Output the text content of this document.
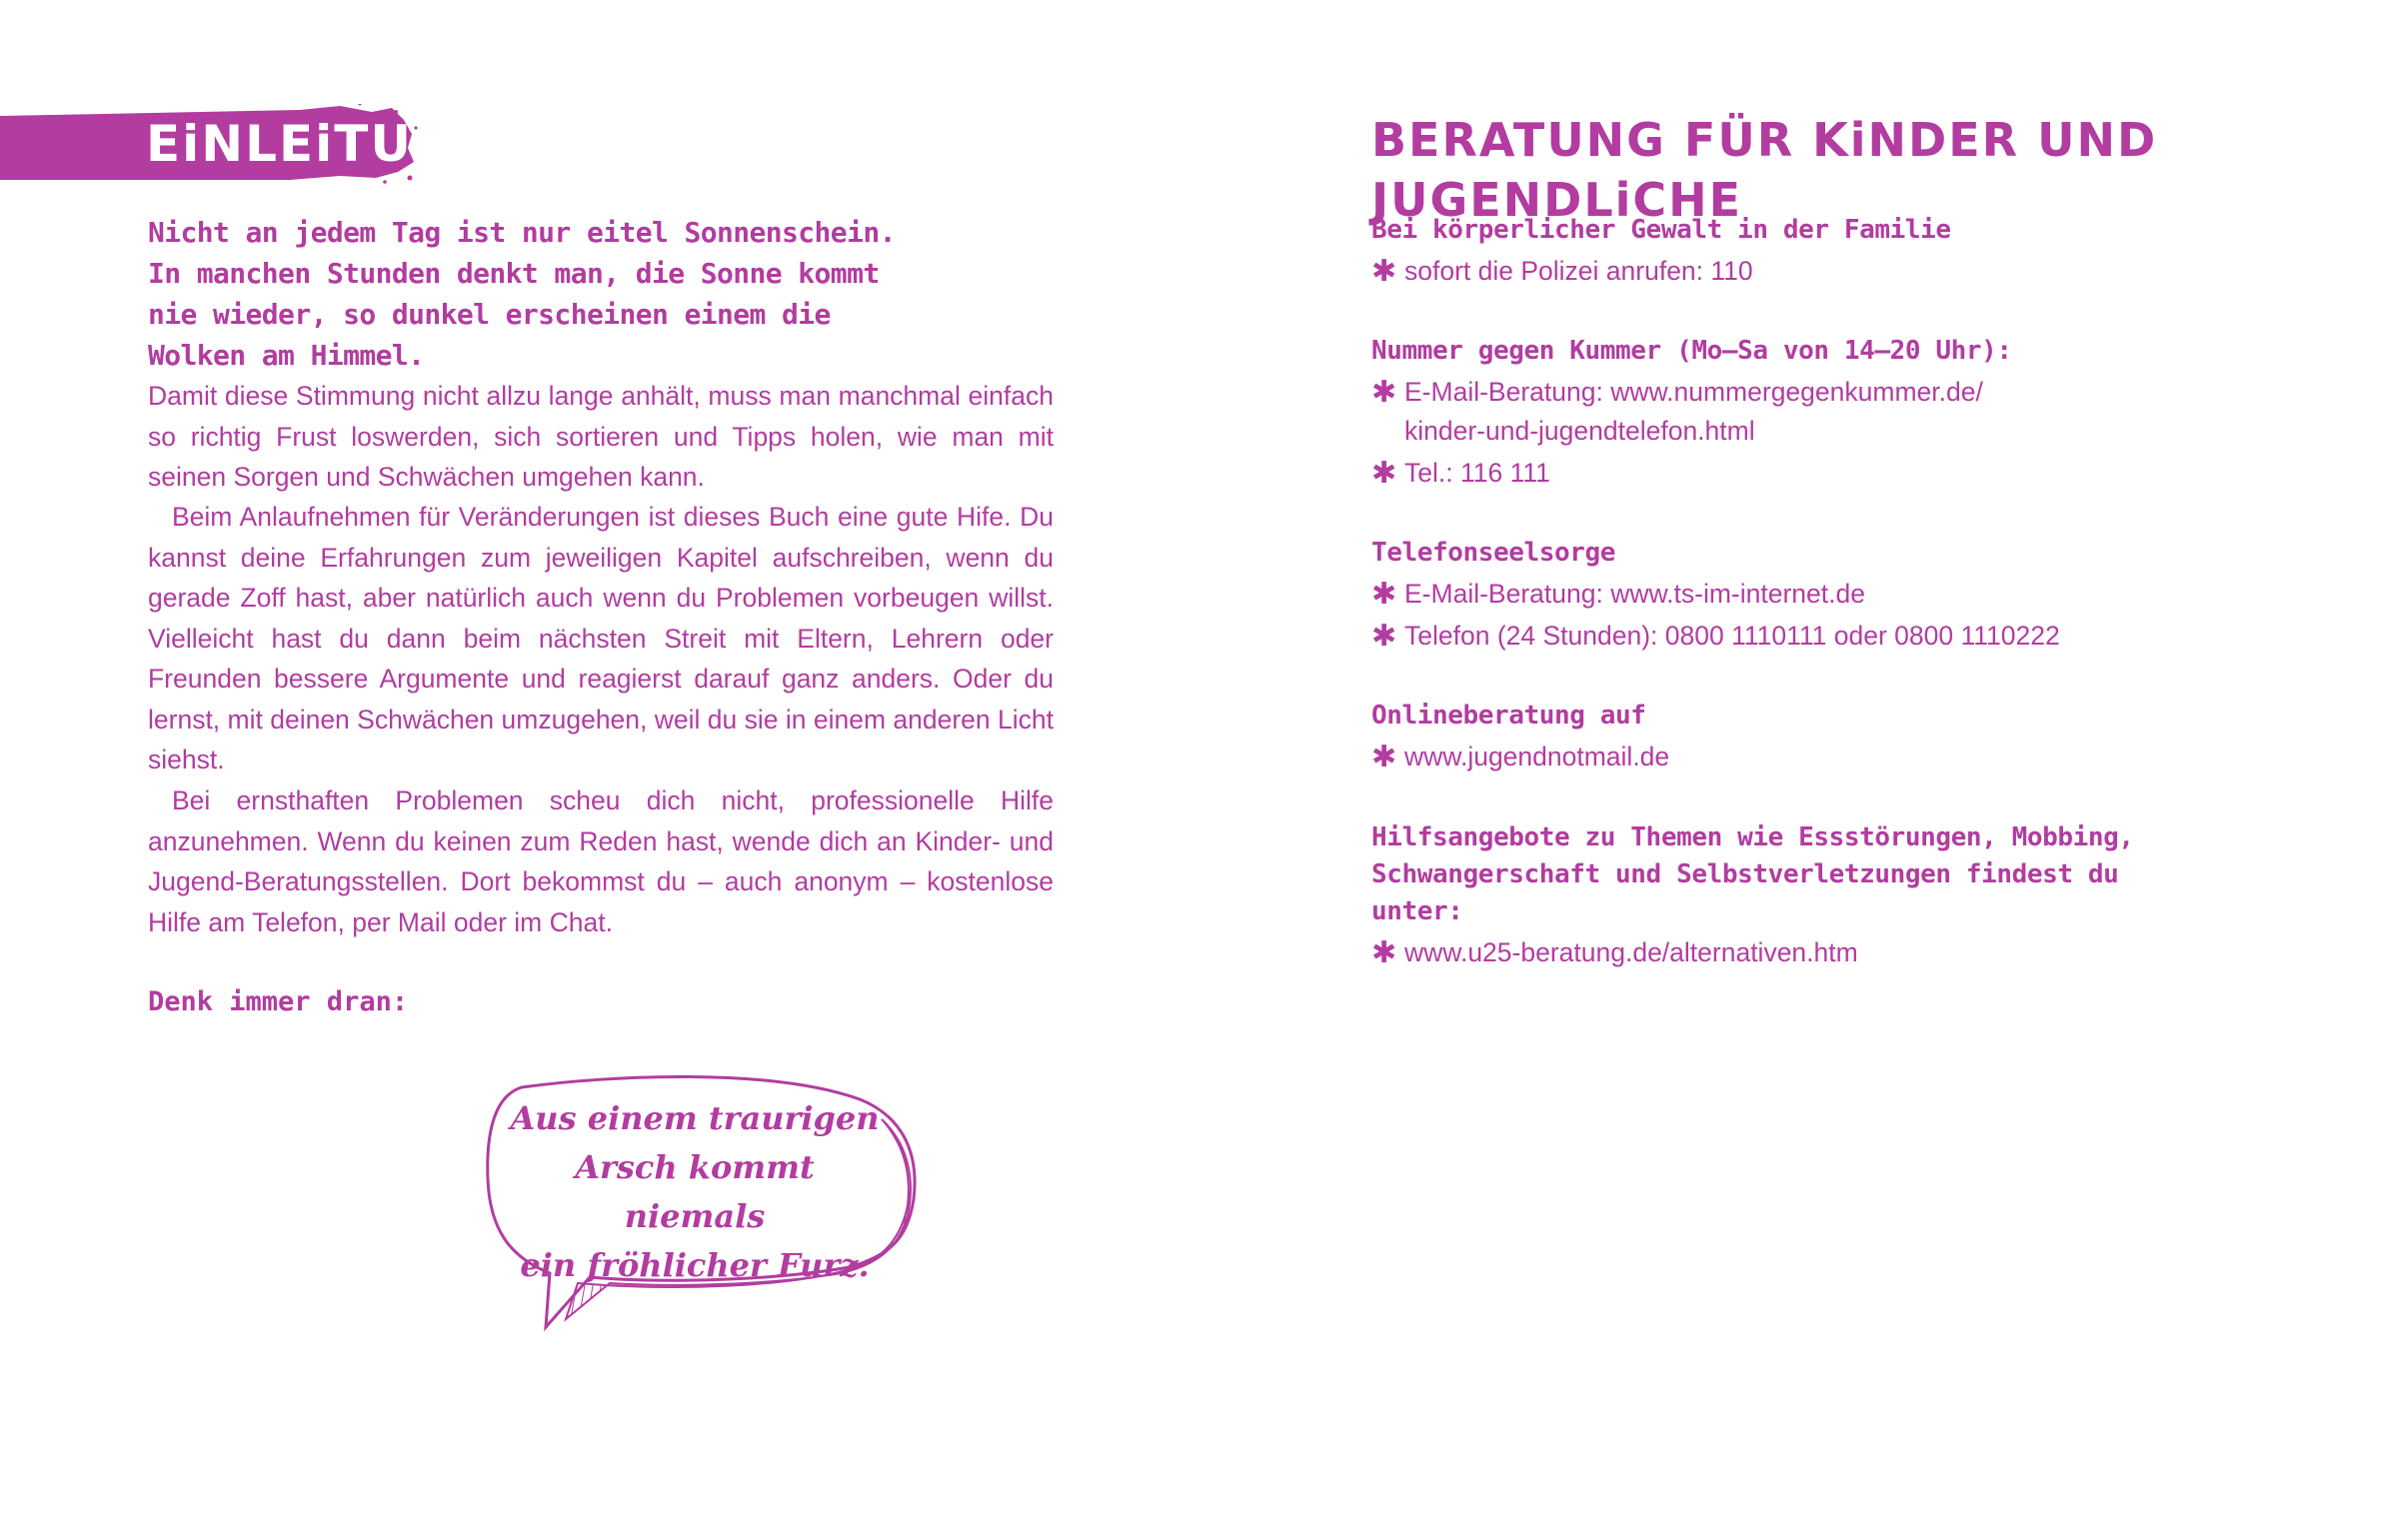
EiNLEiTUNG
Nicht an jedem Tag ist nur eitel Sonnenschein. In manchen Stunden denkt man, die Sonne kommt nie wieder, so dunkel erscheinen einem die Wolken am Himmel.
Damit diese Stimmung nicht allzu lange anhält, muss man manchmal einfach so richtig Frust loswerden, sich sortieren und Tipps holen, wie man mit seinen Sorgen und Schwächen umgehen kann.
Beim Anlaufnehmen für Veränderungen ist dieses Buch eine gute Hife. Du kannst deine Erfahrungen zum jeweiligen Kapitel aufschreiben, wenn du gerade Zoff hast, aber natürlich auch wenn du Problemen vorbeugen willst. Vielleicht hast du dann beim nächsten Streit mit Eltern, Lehrern oder Freunden bessere Argumente und reagierst darauf ganz anders. Oder du lernst, mit deinen Schwächen umzugehen, weil du sie in einem anderen Licht siehst.
Bei ernsthaften Problemen scheu dich nicht, professionelle Hilfe anzunehmen. Wenn du keinen zum Reden hast, wende dich an Kinder- und Jugend-Beratungsstellen. Dort bekommst du – auch anonym – kostenlose Hilfe am Telefon, per Mail oder im Chat.
Denk immer dran:
Aus einem traurigen
Arsch kommt niemals
ein fröhlicher Furz.
BERATUNG FÜR KiNDER UND JUGENDLiCHE
Bei körperlicher Gewalt in der Familie
✱ sofort die Polizei anrufen: 110
Nummer gegen Kummer (Mo–Sa von 14–20 Uhr):
✱ E-Mail-Beratung: www.nummergegenkummer.de/ kinder-und-jugendtelefon.html
✱ Tel.: 116 111
Telefonseelsorge
✱ E-Mail-Beratung: www.ts-im-internet.de
✱ Telefon (24 Stunden): 0800 1110111 oder 0800 1110222
Onlineberatung auf
✱ www.jugendnotmail.de
Hilfsangebote zu Themen wie Essstörungen, Mobbing, Schwangerschaft und Selbstverletzungen findest du unter:
✱ www.u25-beratung.de/alternativen.htm
